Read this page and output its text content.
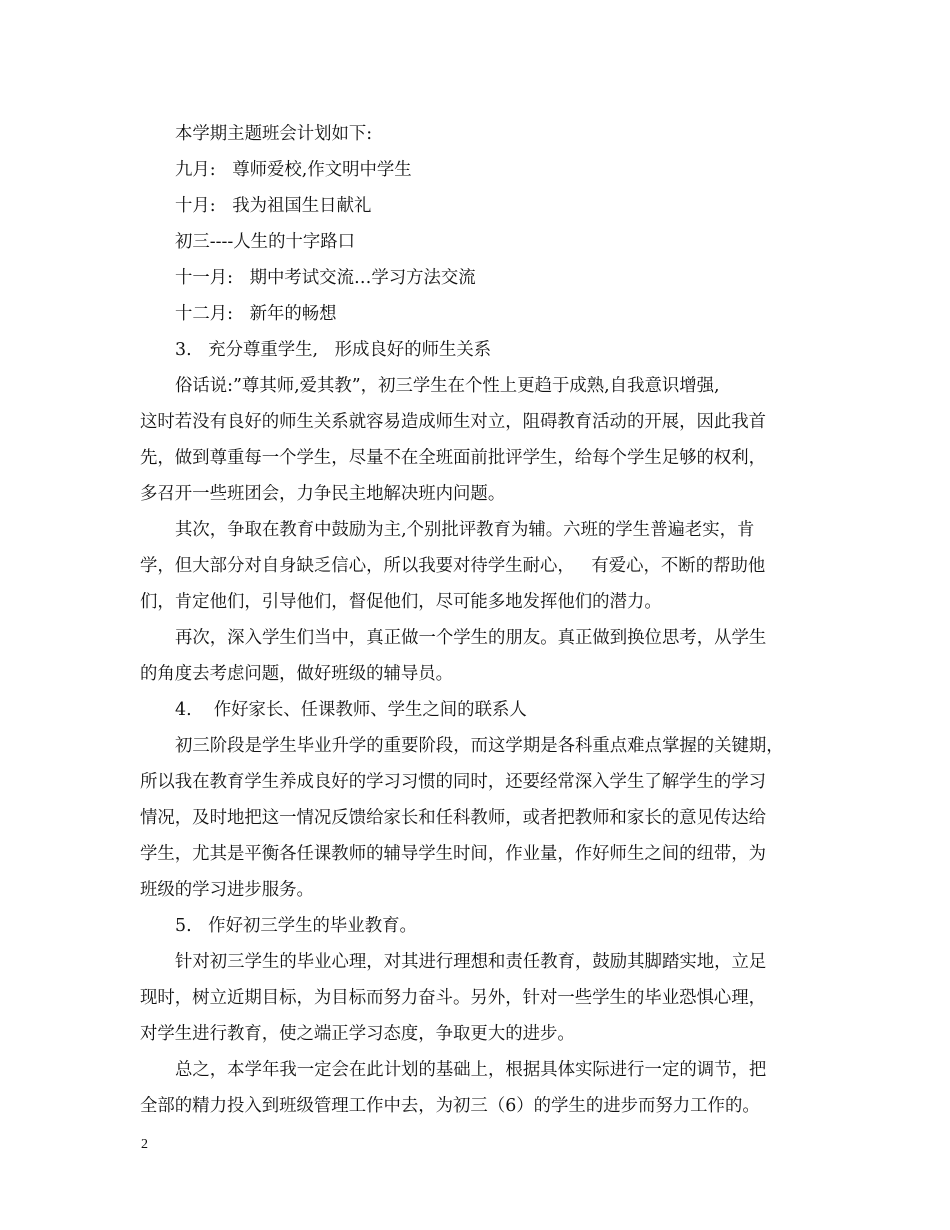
本学期主题班会计划如下:

九月:   尊师爱校,作文明中学生

十月:   我为祖国生日献礼

初三----人生的十字路口

十一月:   期中考试交流…学习方法交流

十二月:   新年的畅想

3.   充分尊重学生,   形成良好的师生关系

俗话说:”尊其师,爱其教”，初三学生在个性上更趋于成熟,自我意识增强,

这时若没有良好的师生关系就容易造成师生对立，阻碍教育活动的开展，因此我首

先，做到尊重每一个学生，尽量不在全班面前批评学生，给每个学生足够的权利，

多召开一些班团会，力争民主地解决班内问题。

其次，争取在教育中鼓励为主,个别批评教育为辅。六班的学生普遍老实，肯

学，但大部分对自身缺乏信心，所以我要对待学生耐心，   有爱心，不断的帮助他

们，肯定他们，引导他们，督促他们，尽可能多地发挥他们的潜力。

再次，深入学生们当中，真正做一个学生的朋友。真正做到换位思考，从学生

的角度去考虑问题，做好班级的辅导员。

4.    作好家长、任课教师、学生之间的联系人

初三阶段是学生毕业升学的重要阶段，而这学期是各科重点难点掌握的关键期，

所以我在教育学生养成良好的学习习惯的同时，还要经常深入学生了解学生的学习

情况，及时地把这一情况反馈给家长和任科教师，或者把教师和家长的意见传达给

学生，尤其是平衡各任课教师的辅导学生时间，作业量，作好师生之间的纽带，为

班级的学习进步服务。

5.   作好初三学生的毕业教育。

针对初三学生的毕业心理，对其进行理想和责任教育，鼓励其脚踏实地，立足

现时，树立近期目标，为目标而努力奋斗。另外，针对一些学生的毕业恐惧心理，

对学生进行教育，使之端正学习态度，争取更大的进步。

总之，本学年我一定会在此计划的基础上，根据具体实际进行一定的调节，把

全部的精力投入到班级管理工作中去，为初三（6）的学生的进步而努力工作的。

2
